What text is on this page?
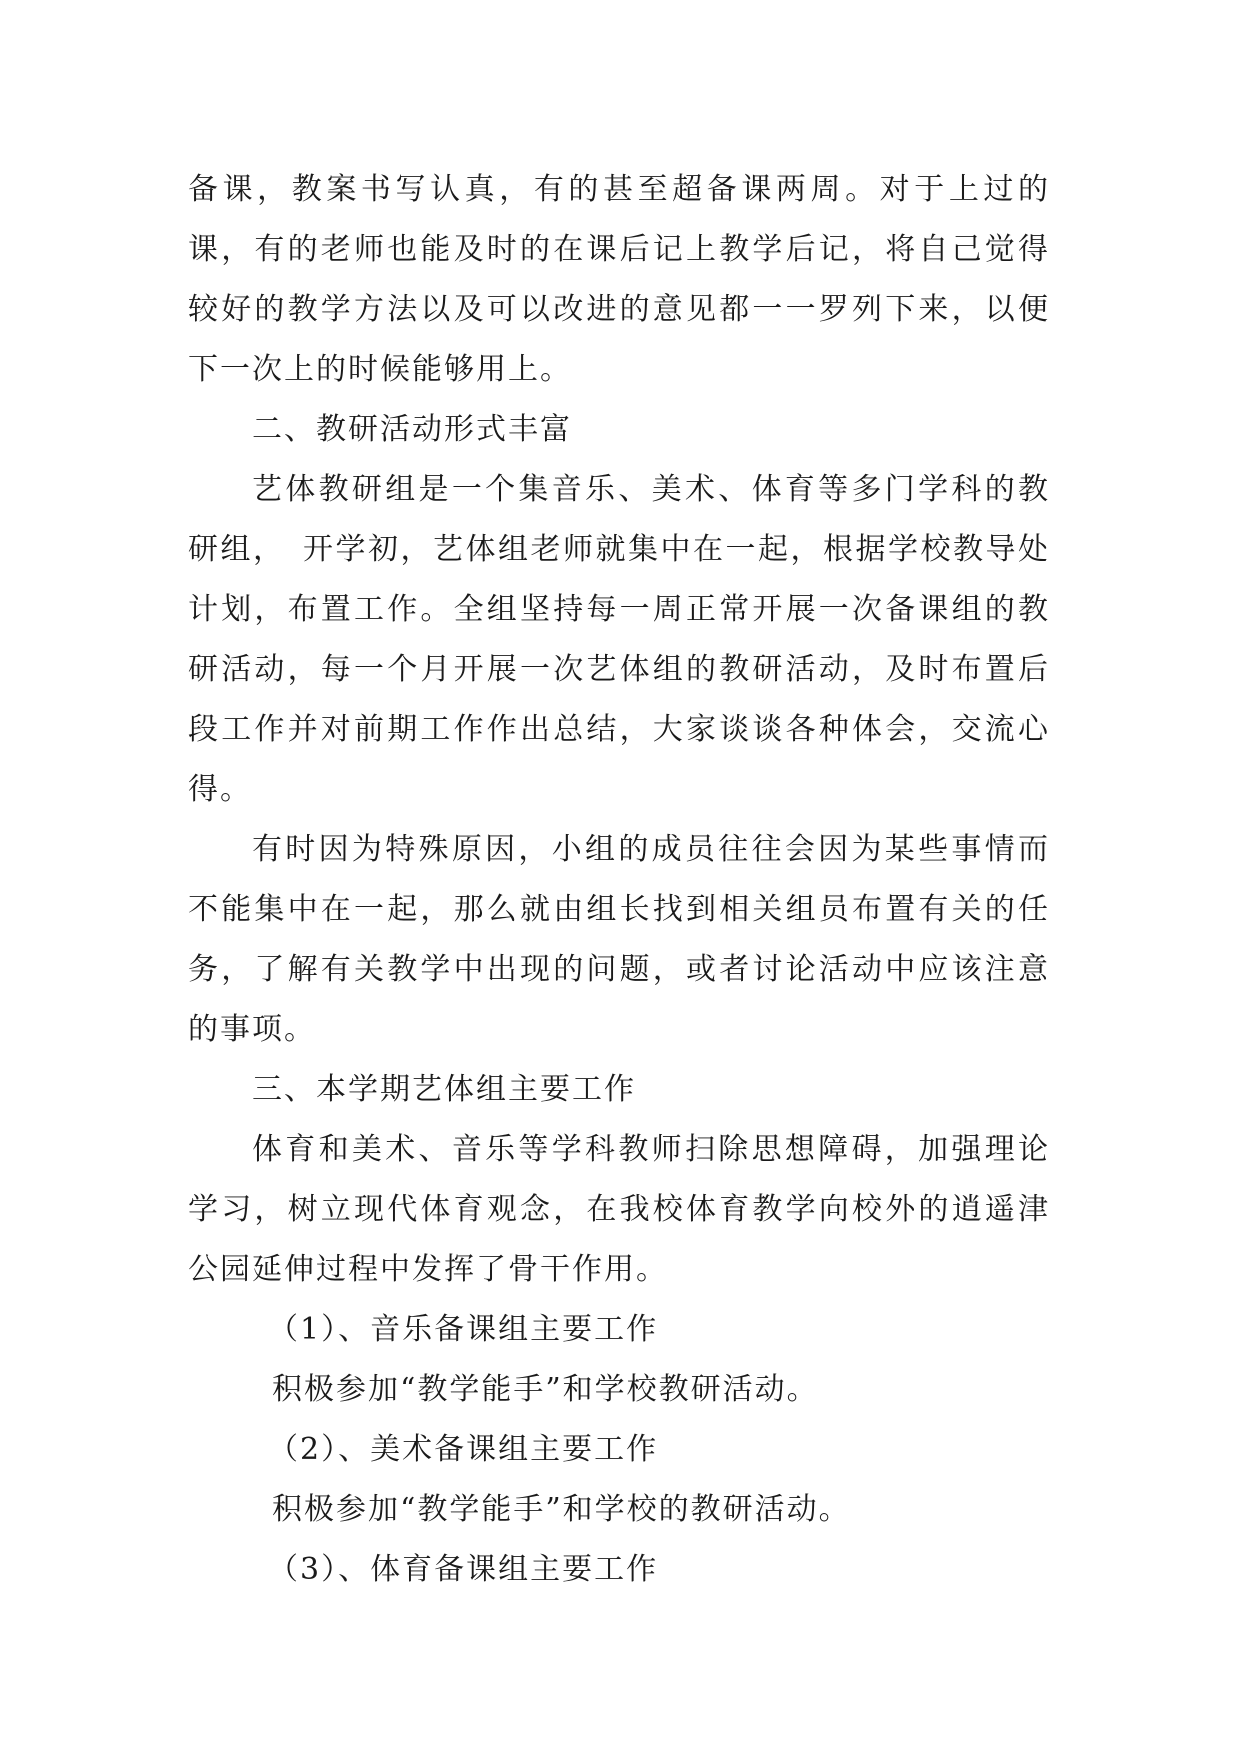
备课，教案书写认真，有的甚至超备课两周。对于上过的课，有的老师也能及时的在课后记上教学后记，将自己觉得较好的教学方法以及可以改进的意见都一一罗列下来，以便下一次上的时候能够用上。

二、教研活动形式丰富

艺体教研组是一个集音乐、美术、体育等多门学科的教研组，　开学初，艺体组老师就集中在一起，根据学校教导处计划，布置工作。全组坚持每一周正常开展一次备课组的教研活动，每一个月开展一次艺体组的教研活动，及时布置后段工作并对前期工作作出总结，大家谈谈各种体会，交流心得。

有时因为特殊原因，小组的成员往往会因为某些事情而不能集中在一起，那么就由组长找到相关组员布置有关的任务，了解有关教学中出现的问题，或者讨论活动中应该注意的事项。

三、本学期艺体组主要工作

体育和美术、音乐等学科教师扫除思想障碍，加强理论学习，树立现代体育观念，在我校体育教学向校外的逍遥津公园延伸过程中发挥了骨干作用。

（1）、音乐备课组主要工作

积极参加“教学能手”和学校教研活动。

（2）、美术备课组主要工作

积极参加“教学能手”和学校的教研活动。

（3）、体育备课组主要工作
